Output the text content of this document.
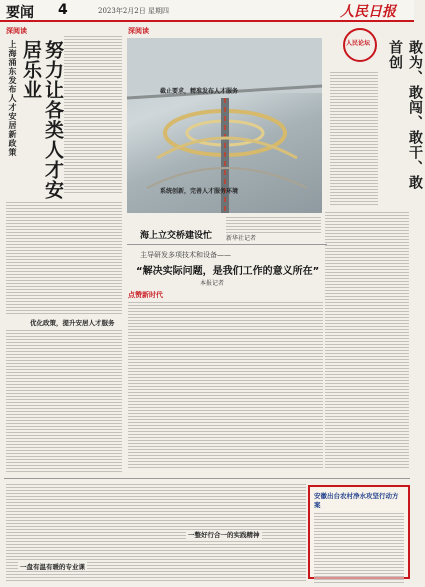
要闻 4	2023年2月2日 星期四	人民日报
深阅读
上海涌东发布人才安居新政策	努力让各类人才安居乐业
优化政策，提升安居人才服务
深阅读
海上立交桥建设忙 新华社记者
人民论坛	敢为、敢闯、敢干、敢首创
主导研发多项技术和设备——
“解决实际问题，是我们工作的意义所在”
本报记者
点赞新时代
截止要求，精准发布人才服务
系统创新，完善人才服务环境
一整好行合一的实践精神
一盘有温有暖的专业课
安徽出台农村净水攻坚行动方案
